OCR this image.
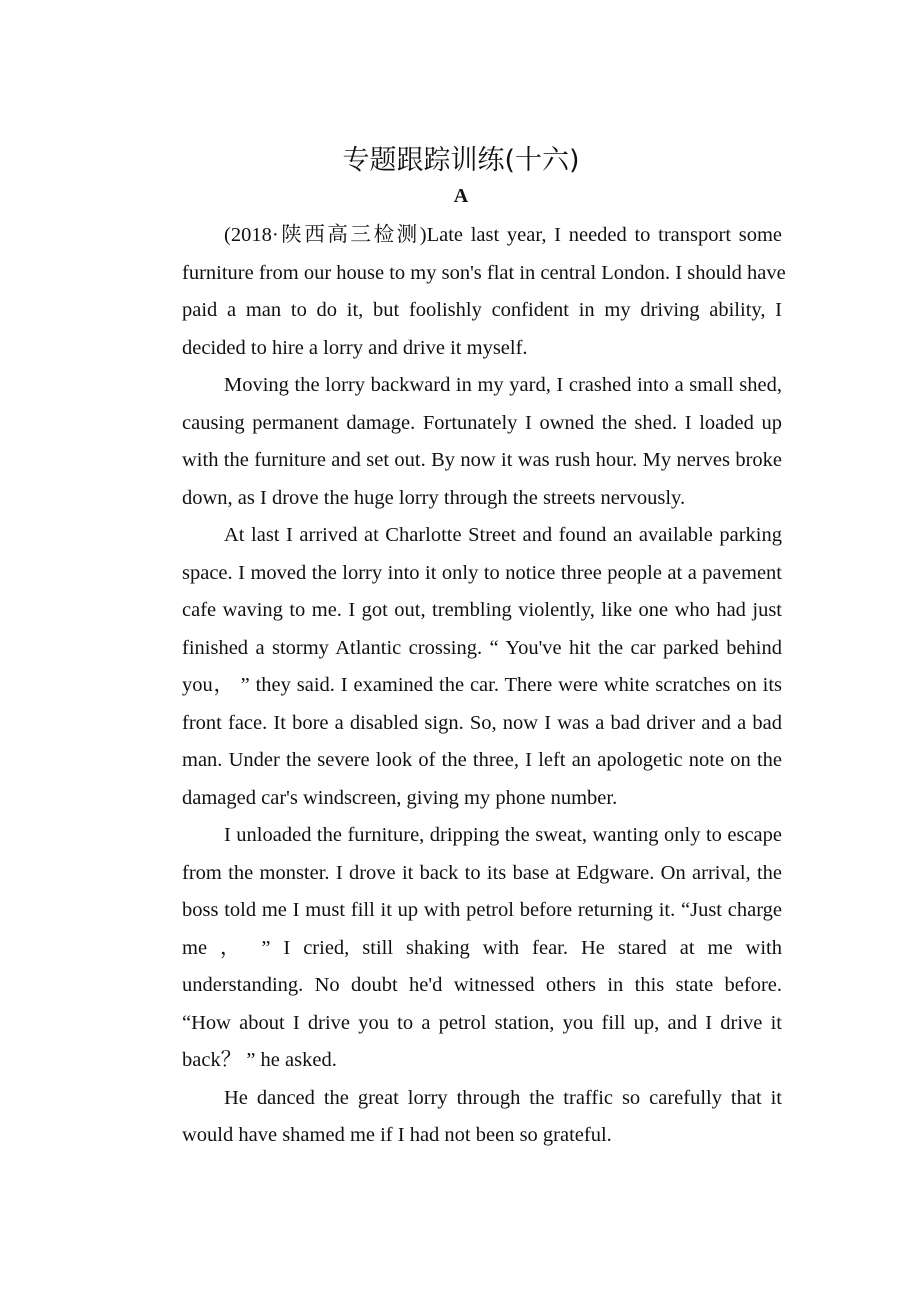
专题跟踪训练(十六)
A
(2018·陕西高三检测)Late last year, I needed to transport some
furniture from our house to my son's flat in central London. I should have
paid a man to do it, but foolishly confident in my driving ability, I
decided to hire a lorry and drive it myself.
Moving the lorry backward in my yard, I crashed into a small shed,
causing permanent damage. Fortunately I owned the shed. I loaded up
with the furniture and set out. By now it was rush hour. My nerves broke
down, as I drove the huge lorry through the streets nervously.
At last I arrived at Charlotte Street and found an available parking
space. I moved the lorry into it only to notice three people at a pavement
cafe waving to me. I got out, trembling violently, like one who had just
finished a stormy Atlantic crossing. “ You've hit the car parked behind
you， ” they said. I examined the car. There were white scratches on its
front face. It bore a disabled sign. So, now I was a bad driver and a bad
man. Under the severe look of the three, I left an apologetic note on the
damaged car's windscreen, giving my phone number.
I unloaded the furniture, dripping the sweat, wanting only to escape
from the monster. I drove it back to its base at Edgware. On arrival, the
boss told me I must fill it up with petrol before returning it. “Just charge
me ， ” I cried, still shaking with fear. He stared at me with
understanding. No doubt he'd witnessed others in this state before.
“How about I drive you to a petrol station, you fill up, and I drive it
back？ ” he asked.
He danced the great lorry through the traffic so carefully that it
would have shamed me if I had not been so grateful.
